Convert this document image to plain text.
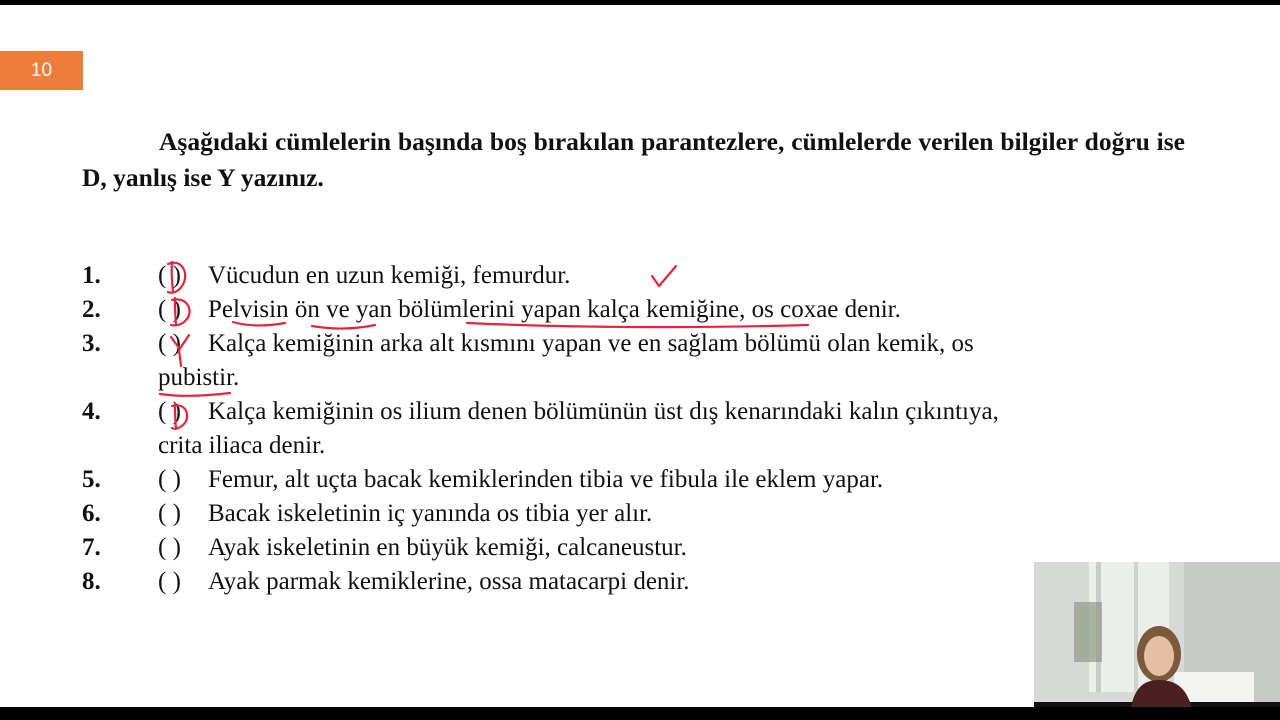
10

Aşağıdaki cümlelerin başında boş bırakılan parantezlere, cümlelerde verilen bilgiler doğru ise D, yanlış ise Y yazınız.

1. ( ) Vücudun en uzun kemiği, femurdur.
2. ( ) Pelvisin ön ve yan bölümlerini yapan kalça kemiğine, os coxae denir.
3. ( ) Kalça kemiğinin arka alt kısmını yapan ve en sağlam bölümü olan kemik, os
pubistir.
4. ( ) Kalça kemiğinin os ilium denen bölümünün üst dış kenarındaki kalın çıkıntıya,
crita iliaca denir.
5. ( ) Femur, alt uçta bacak kemiklerinden tibia ve fibula ile eklem yapar.
6. ( ) Bacak iskeletinin iç yanında os tibia yer alır.
7. ( ) Ayak iskeletinin en büyük kemiği, calcaneustur.
8. ( ) Ayak parmak kemiklerine, ossa matacarpi denir.
